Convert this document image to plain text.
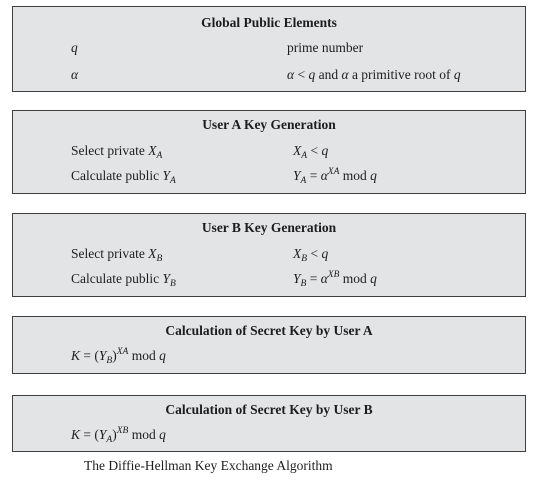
Global Public Elements
q	prime number
α	α < q and α a primitive root of q
User A Key Generation
Select private $X_A$	$X_A < q$
Calculate public $Y_A$	$Y_A = \alpha^{XA}$ mod q
User B Key Generation
Select private $X_B$	$X_B < q$
Calculate public $Y_B$	$Y_B = \alpha^{XB}$ mod q
Calculation of Secret Key by User A
$K = (Y_B)^{XA}$ mod q
Calculation of Secret Key by User B
$K = (Y_A)^{XB}$ mod q
The Diffie-Hellman Key Exchange Algorithm
